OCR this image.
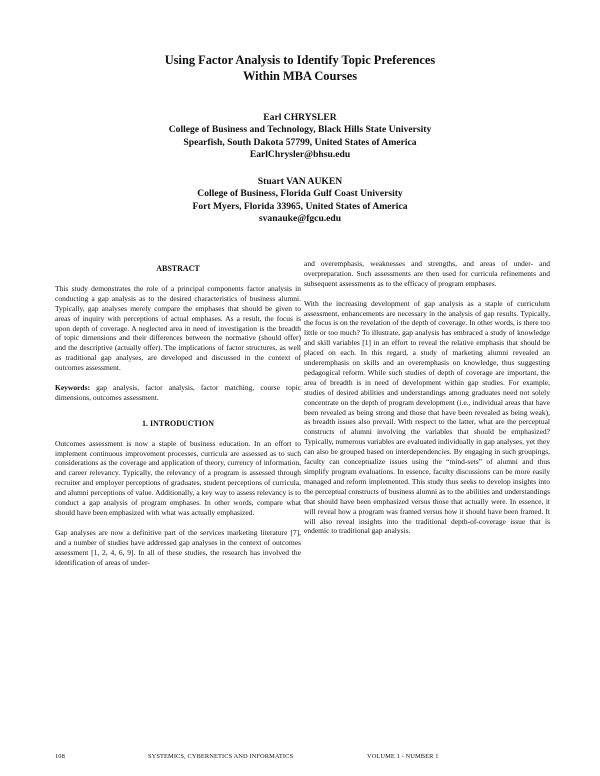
Using Factor Analysis to Identify Topic Preferences
Within MBA Courses
Earl CHRYSLER
College of Business and Technology, Black Hills State University
Spearfish, South Dakota 57799, United States of America
EarlChrysler@bhsu.edu
Stuart VAN AUKEN
College of Business, Florida Gulf Coast University
Fort Myers, Florida 33965, United States of America
svanauke@fgcu.edu
ABSTRACT

This study demonstrates the role of a principal components factor analysis in conducting a gap analysis as to the desired characteristics of business alumni. Typically, gap analyses merely compare the emphases that should be given to areas of inquiry with perceptions of actual emphases. As a result, the focus is upon depth of coverage. A neglected area in need of investigation is the breadth of topic dimensions and their differences between the normative (should offer) and the descriptive (actually offer). The implications of factor structures, as well as traditional gap analyses, are developed and discussed in the context of outcomes assessment.

Keywords: gap analysis, factor analysis, factor matching, course topic dimensions, outcomes assessment.

1. INTRODUCTION

Outcomes assessment is now a staple of business education. In an effort to implement continuous improvement processes, curricula are assessed as to such considerations as the coverage and application of theory, currency of information, and career relevancy. Typically, the relevancy of a program is assessed through recruiter and employer perceptions of graduates, student perceptions of curricula, and alumni perceptions of value. Additionally, a key way to assess relevancy is to conduct a gap analysis of program emphases. In other words, compare what should have been emphasized with what was actually emphasized.

Gap analyses are now a definitive part of the services marketing literature [7], and a number of studies have addressed gap analyses in the context of outcomes assessment [1, 2, 4, 6, 9]. In all of these studies, the research has involved the identification of areas of under-

and overemphasis, weaknesses and strengths, and areas of under- and overpreparation. Such assessments are then used for curricula refinements and subsequent assessments as to the efficacy of program emphases.

With the increasing development of gap analysis as a staple of curriculum assessment, enhancements are necessary in the analysis of gap results. Typically, the focus is on the revelation of the depth of coverage. In other words, is there too little or too much? To illustrate, gap analysis has embraced a study of knowledge and skill variables [1] in an effort to reveal the relative emphasis that should be placed on each. In this regard, a study of marketing alumni revealed an underemphasis on skills and an overemphasis on knowledge, thus suggesting pedagogical reform. While such studies of depth of coverage are important, the area of breadth is in need of development within gap studies. For example, studies of desired abilities and understandings among graduates need not solely concentrate on the depth of program development (i.e., individual areas that have been revealed as being strong and those that have been revealed as being weak), as breadth issues also prevail. With respect to the latter, what are the perceptual constructs of alumni involving the variables that should be emphasized? Typically, numerous variables are evaluated individually in gap analyses, yet they can also be grouped based on interdependencies. By engaging in such groupings, faculty can conceptualize issues using the “mind-sets” of alumni and thus simplify program evaluations. In essence, faculty discussions can be more easily managed and reform implemented. This study thus seeks to develop insights into the perceptual constructs of business alumni as to the abilities and understandings that should have been emphasized versus those that actually were. In essence, it will reveal how a program was framed versus how it should have been framed. It will also reveal insights into the traditional depth-of-coverage issue that is endemic to traditional gap analysis.

108	SYSTEMICS, CYBERNETICS AND INFORMATICS	VOLUME 1 - NUMBER 1
